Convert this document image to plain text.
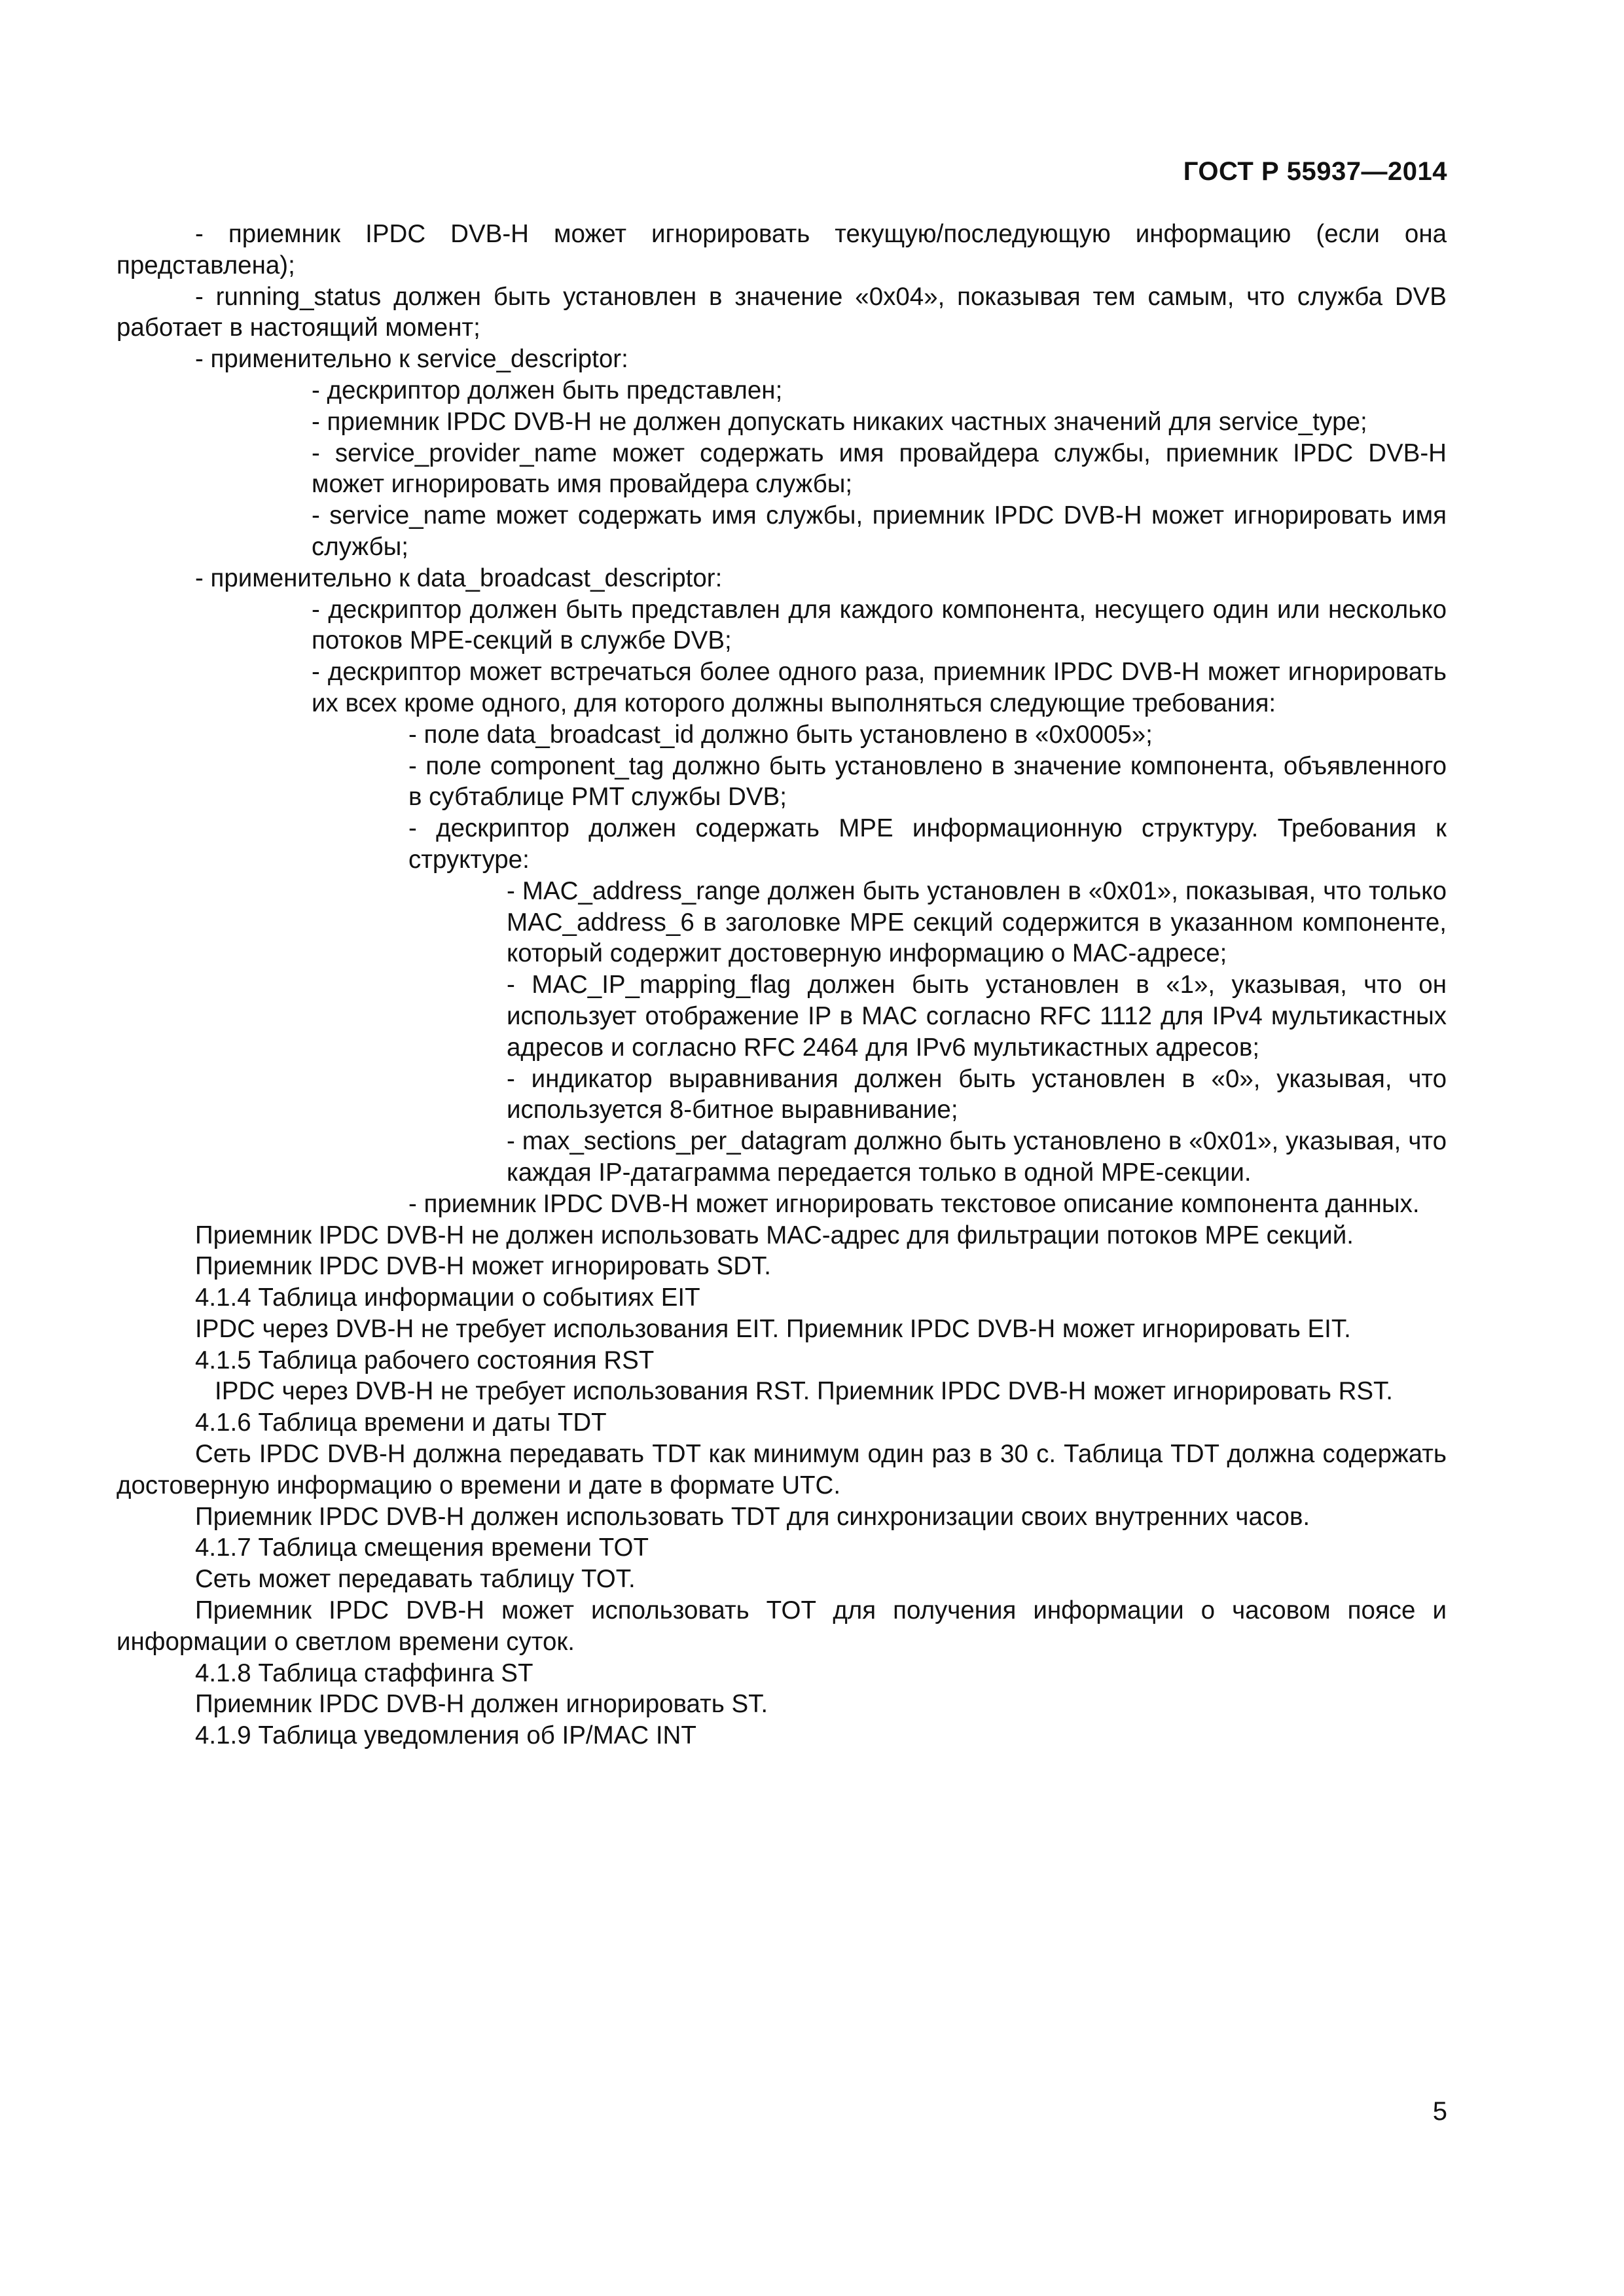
ГОСТ Р 55937—2014

- приемник IPDC DVB-H может игнорировать текущую/последующую информацию (если она представлена);

- running_status должен быть установлен в значение «0x04», показывая тем самым, что служба DVB работает в настоящий момент;

- применительно к service_descriptor:

- дескриптор должен быть представлен;

- приемник IPDC DVB-H не должен допускать никаких частных значений для service_type;

- service_provider_name может содержать имя провайдера службы, приемник IPDC DVB-H может игнорировать имя провайдера службы;

- service_name может содержать имя службы, приемник IPDC DVB-H может игнорировать имя службы;

- применительно к data_broadcast_descriptor:

- дескриптор должен быть представлен для каждого компонента, несущего один или несколько потоков MPE-секций в службе DVB;

- дескриптор может встречаться более одного раза, приемник IPDC DVB-H может игнорировать их всех кроме одного, для которого должны выполняться следующие требования:

- поле data_broadcast_id должно быть установлено в «0x0005»;

- поле component_tag должно быть установлено в значение компонента, объявленного в субтаблице PMT службы DVB;

- дескриптор должен содержать MPE информационную структуру. Требования к структуре:

- MAC_address_range должен быть установлен в «0x01», показывая, что только MAC_address_6 в заголовке MPE секций содержится в указанном компоненте, который содержит достоверную информацию о MAC-адресе;

- MAC_IP_mapping_flag должен быть установлен в «1», указывая, что он использует отображение IP в MAC согласно RFC 1112 для IPv4 мультикастных адресов и согласно RFC 2464 для IPv6 мультикастных адресов;

- индикатор выравнивания должен быть установлен в «0», указывая, что используется 8-битное выравнивание;

- max_sections_per_datagram должно быть установлено в «0x01», указывая, что каждая IP-датаграмма передается только в одной MPE-секции.

- приемник IPDC DVB-H может игнорировать текстовое описание компонента данных.

Приемник IPDC DVB-H не должен использовать MAC-адрес для фильтрации потоков MPE секций.

Приемник IPDC DVB-H может игнорировать SDT.

4.1.4 Таблица информации о событиях EIT

IPDC через DVB-H не требует использования EIT. Приемник IPDC DVB-H может игнорировать EIT.

4.1.5 Таблица рабочего состояния RST

IPDC через DVB-H не требует использования RST. Приемник IPDC DVB-H может игнорировать RST.

4.1.6 Таблица времени и даты TDT

Сеть IPDC DVB-H должна передавать TDT как минимум один раз в 30 с. Таблица TDT должна содержать достоверную информацию о времени и дате в формате UTC.

Приемник IPDC DVB-H должен использовать TDT для синхронизации своих внутренних часов.

4.1.7 Таблица смещения времени TOT

Сеть может передавать таблицу TOT.

Приемник IPDC DVB-H может использовать TOT для получения информации о часовом поясе и информации о светлом времени суток.

4.1.8 Таблица стаффинга ST

Приемник IPDC DVB-H должен игнорировать ST.

4.1.9 Таблица уведомления об IP/MAC INT

5
